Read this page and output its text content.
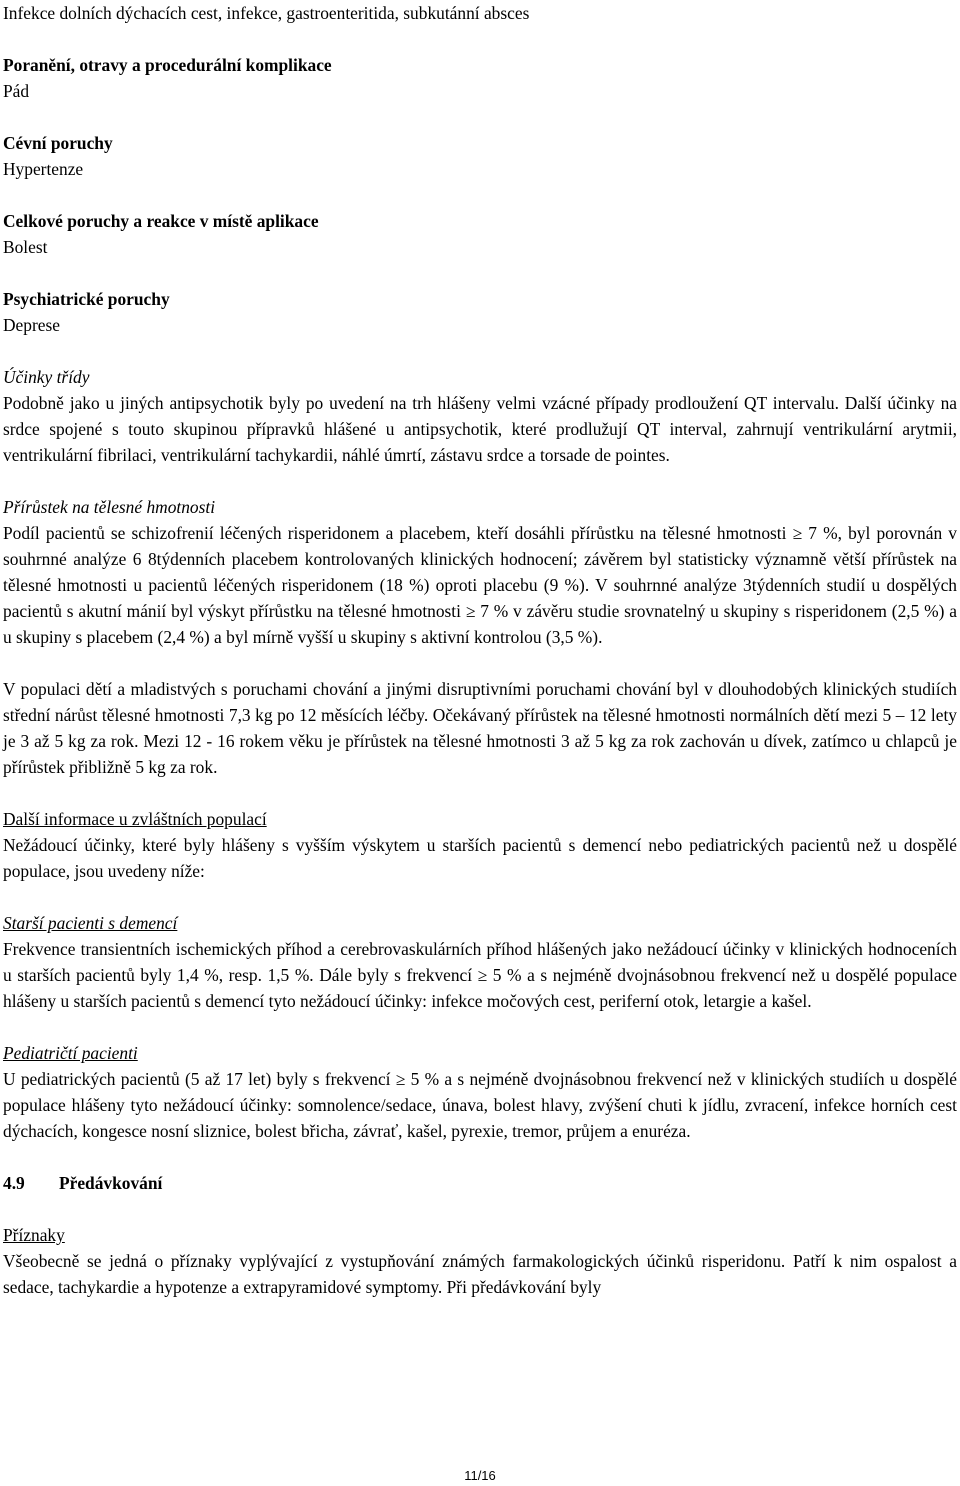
Infekce dolních dýchacích cest, infekce, gastroenteritida, subkutánní absces

Poranění, otravy a procedurální komplikace

Pád

Cévní poruchy

Hypertenze

Celkové poruchy a reakce v místě aplikace

Bolest

Psychiatrické poruchy

Deprese

Účinky třídy

Podobně jako u jiných antipsychotik byly po uvedení na trh hlášeny velmi vzácné případy prodloužení QT intervalu. Další účinky na srdce spojené s touto skupinou přípravků hlášené u antipsychotik, které prodlužují QT interval, zahrnují ventrikulární arytmii, ventrikulární fibrilaci, ventrikulární tachykardii, náhlé úmrtí, zástavu srdce a torsade de pointes.

Přírůstek na tělesné hmotnosti

Podíl pacientů se schizofrenií léčených risperidonem a placebem, kteří dosáhli přírůstku na tělesné hmotnosti ≥ 7 %, byl porovnán v souhrnné analýze 6 8týdenních placebem kontrolovaných klinických hodnocení; závěrem byl statisticky významně větší přírůstek na tělesné hmotnosti u pacientů léčených risperidonem (18 %) oproti placebu (9 %). V souhrnné analýze 3týdenních studií u dospělých pacientů s akutní mánií byl výskyt přírůstku na tělesné hmotnosti ≥ 7 % v závěru studie srovnatelný u skupiny s risperidonem (2,5 %) a u skupiny s placebem (2,4 %) a byl mírně vyšší u skupiny s aktivní kontrolou (3,5 %).

V populaci dětí a mladistvých s poruchami chování a jinými disruptivními poruchami chování byl v dlouhodobých klinických studiích střední nárůst tělesné hmotnosti 7,3 kg po 12 měsících léčby. Očekávaný přírůstek na tělesné hmotnosti normálních dětí mezi 5 – 12 lety je 3 až 5 kg za rok. Mezi 12 - 16 rokem věku je přírůstek na tělesné hmotnosti 3 až 5 kg za rok zachován u dívek, zatímco u chlapců je přírůstek přibližně 5 kg za rok.

Další informace u zvláštních populací

Nežádoucí účinky, které byly hlášeny s vyšším výskytem u starších pacientů s demencí nebo pediatrických pacientů než u dospělé populace, jsou uvedeny níže:

Starší pacienti s demencí

Frekvence transientních ischemických příhod a cerebrovaskulárních příhod hlášených jako nežádoucí účinky v klinických hodnoceních u starších pacientů byly 1,4 %, resp. 1,5 %. Dále byly s frekvencí ≥ 5 % a s nejméně dvojnásobnou frekvencí než u dospělé populace hlášeny u starších pacientů s demencí tyto nežádoucí účinky: infekce močových cest, periferní otok, letargie a kašel.

Pediatričtí pacienti

U pediatrických pacientů (5 až 17 let) byly s frekvencí ≥ 5 % a s nejméně dvojnásobnou frekvencí než v klinických studiích u dospělé populace hlášeny tyto nežádoucí účinky: somnolence/sedace, únava, bolest hlavy, zvýšení chuti k jídlu, zvracení, infekce horních cest dýchacích, kongesce nosní sliznice, bolest břicha, závrať, kašel, pyrexie, tremor, průjem a enuréza.

4.9 Předávkování

Příznaky

Všeobecně se jedná o příznaky vyplývající z vystupňování známých farmakologických účinků risperidonu. Patří k nim ospalost a sedace, tachykardie a hypotenze a extrapyramidové symptomy. Při předávkování byly

11/16
